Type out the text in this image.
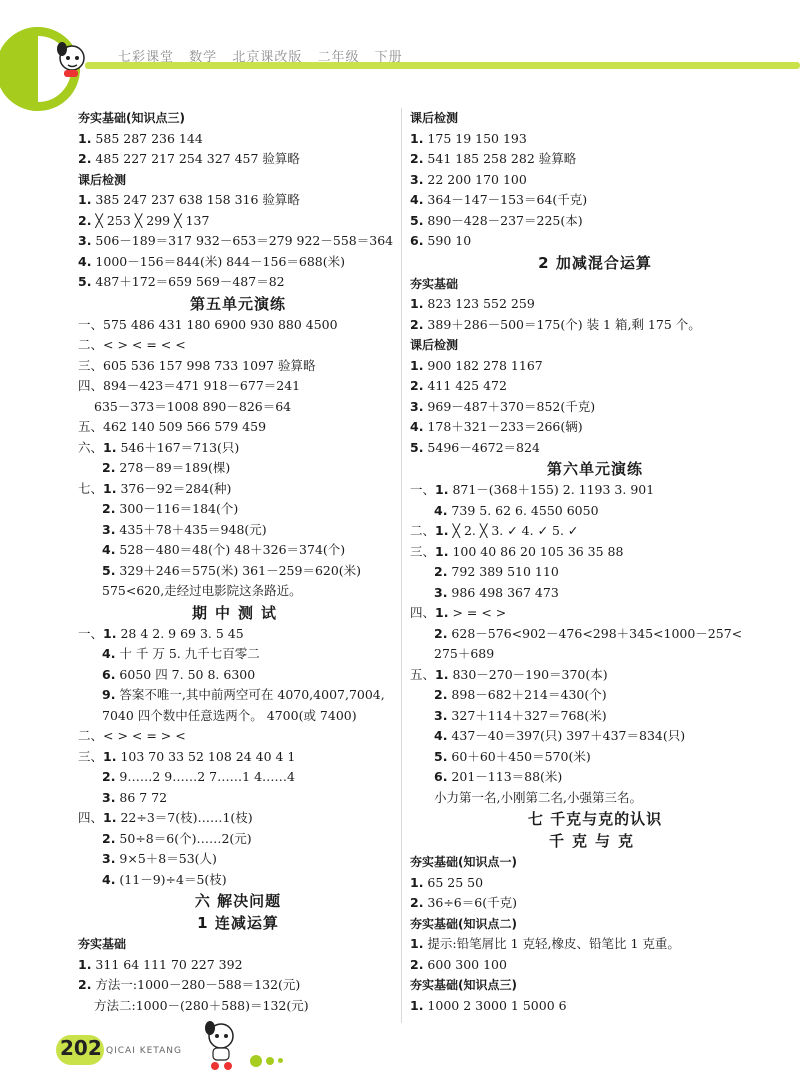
七彩课堂 数学 北京课改版 二年级 下册
夯实基础(知识点三)
1. 585 287 236 144
2. 485 227 217 254 327 457 验算略
课后检测
1. 385 247 237 638 158 316 验算略
2. ╳ 253 ╳ 299 ╳ 137
3. 506－189＝317 932－653＝279 922－558＝364
4. 1000－156＝844(米) 844－156＝688(米)
5. 487＋172＝659 569－487＝82
第五单元演练
一、575 486 431 180 6900 930 880 4500
二、< > < = < <
三、605 536 157 998 733 1097 验算略
四、894－423＝471 918－677＝241
635－373＝1008 890－826＝64
五、462 140 509 566 579 459
六、1. 546＋167＝713(只)
2. 278－89＝189(棵)
七、1. 376－92＝284(种)
2. 300－116＝184(个)
3. 435＋78＋435＝948(元)
4. 528－480＝48(个) 48＋326＝374(个)
5. 329＋246＝575(米) 361－259＝620(米)
575<620,走经过电影院这条路近。
期中测试
一、1. 28 4 2. 9 69 3. 5 45
4. 十 千 万 5. 九千七百零二
6. 6050 四 7. 50 8. 6300
9. 答案不唯一,其中前两空可在 4070,4007,7004,
7040 四个数中任意选两个。 4700(或 7400)
二、< > < = > <
三、1. 103 70 33 52 108 24 40 4 1
2. 9……2 9……2 7……1 4……4
3. 86 7 72
四、1. 22÷3＝7(枝)……1(枝)
2. 50÷8＝6(个)……2(元)
3. 9×5＋8＝53(人)
4. (11－9)÷4＝5(枝)
六 解决问题
1 连减运算
夯实基础
1. 311 64 111 70 227 392
2. 方法一:1000－280－588＝132(元)
方法二:1000－(280＋588)＝132(元)
课后检测
1. 175 19 150 193
2. 541 185 258 282 验算略
3. 22 200 170 100
4. 364－147－153＝64(千克)
5. 890－428－237＝225(本)
6. 590 10
2 加减混合运算
夯实基础
1. 823 123 552 259
2. 389＋286－500＝175(个) 装 1 箱,剩 175 个。
课后检测
1. 900 182 278 1167
2. 411 425 472
3. 969－487＋370＝852(千克)
4. 178＋321－233＝266(辆)
5. 5496－4672＝824
第六单元演练
一、1. 871－(368＋155) 2. 1193 3. 901
4. 739 5. 62 6. 4550 6050
二、1. ╳ 2. ╳ 3. ✓ 4. ✓ 5. ✓
三、1. 100 40 86 20 105 36 35 88
2. 792 389 510 110
3. 986 498 367 473
四、1. > = < >
2. 628－576<902－476<298＋345<1000－257<
275＋689
五、1. 830－270－190＝370(本)
2. 898－682＋214＝430(个)
3. 327＋114＋327＝768(米)
4. 437－40＝397(只) 397＋437＝834(只)
5. 60＋60＋450＝570(米)
6. 201－113＝88(米)
小力第一名,小刚第二名,小强第三名。
七 千克与克的认识
千克与克
夯实基础(知识点一)
1. 65 25 50
2. 36÷6＝6(千克)
夯实基础(知识点二)
1. 提示:铅笔屑比 1 克轻,橡皮、铅笔比 1 克重。
2. 600 300 100
夯实基础(知识点三)
1. 1000 2 3000 1 5000 6
202 QICAI KETANG
